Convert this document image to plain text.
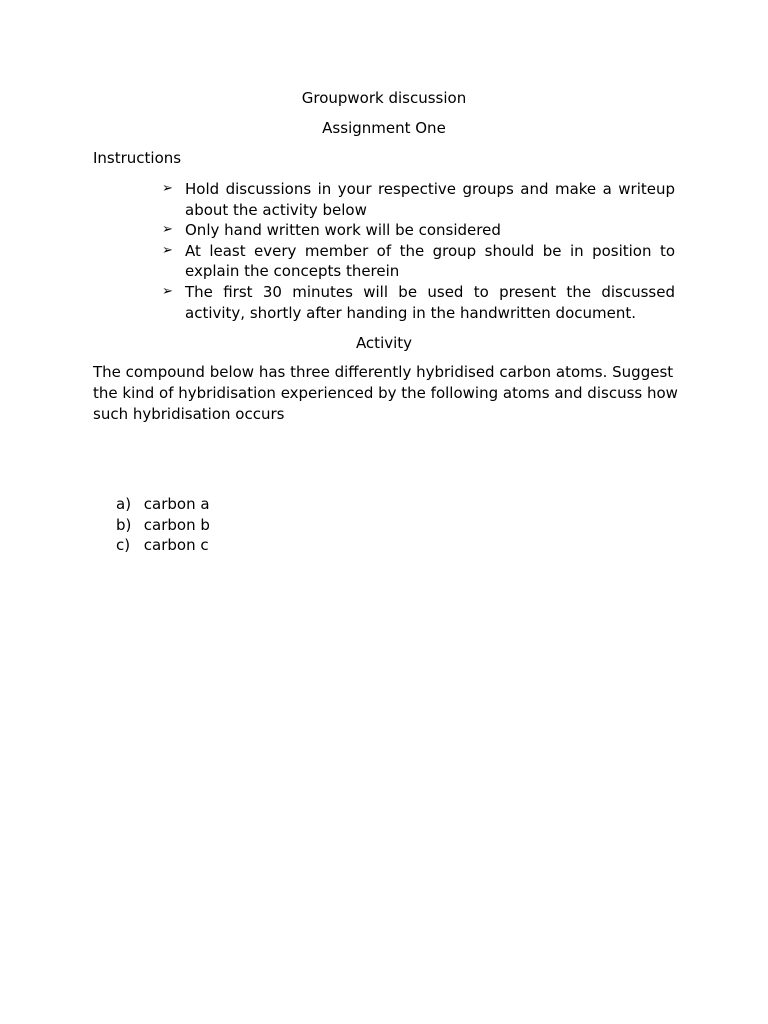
Groupwork discussion
Assignment One
Instructions
➢ Hold discussions in your respective groups and make a writeup about the activity below
➢ Only hand written work will be considered
➢ At least every member of the group should be in position to explain the concepts therein
➢ The first 30 minutes will be used to present the discussed activity, shortly after handing in the handwritten document.
Activity
The compound below has three differently hybridised carbon atoms. Suggest the kind of hybridisation experienced by the following atoms and discuss how such hybridisation occurs
a) carbon a
b) carbon b
c) carbon c
